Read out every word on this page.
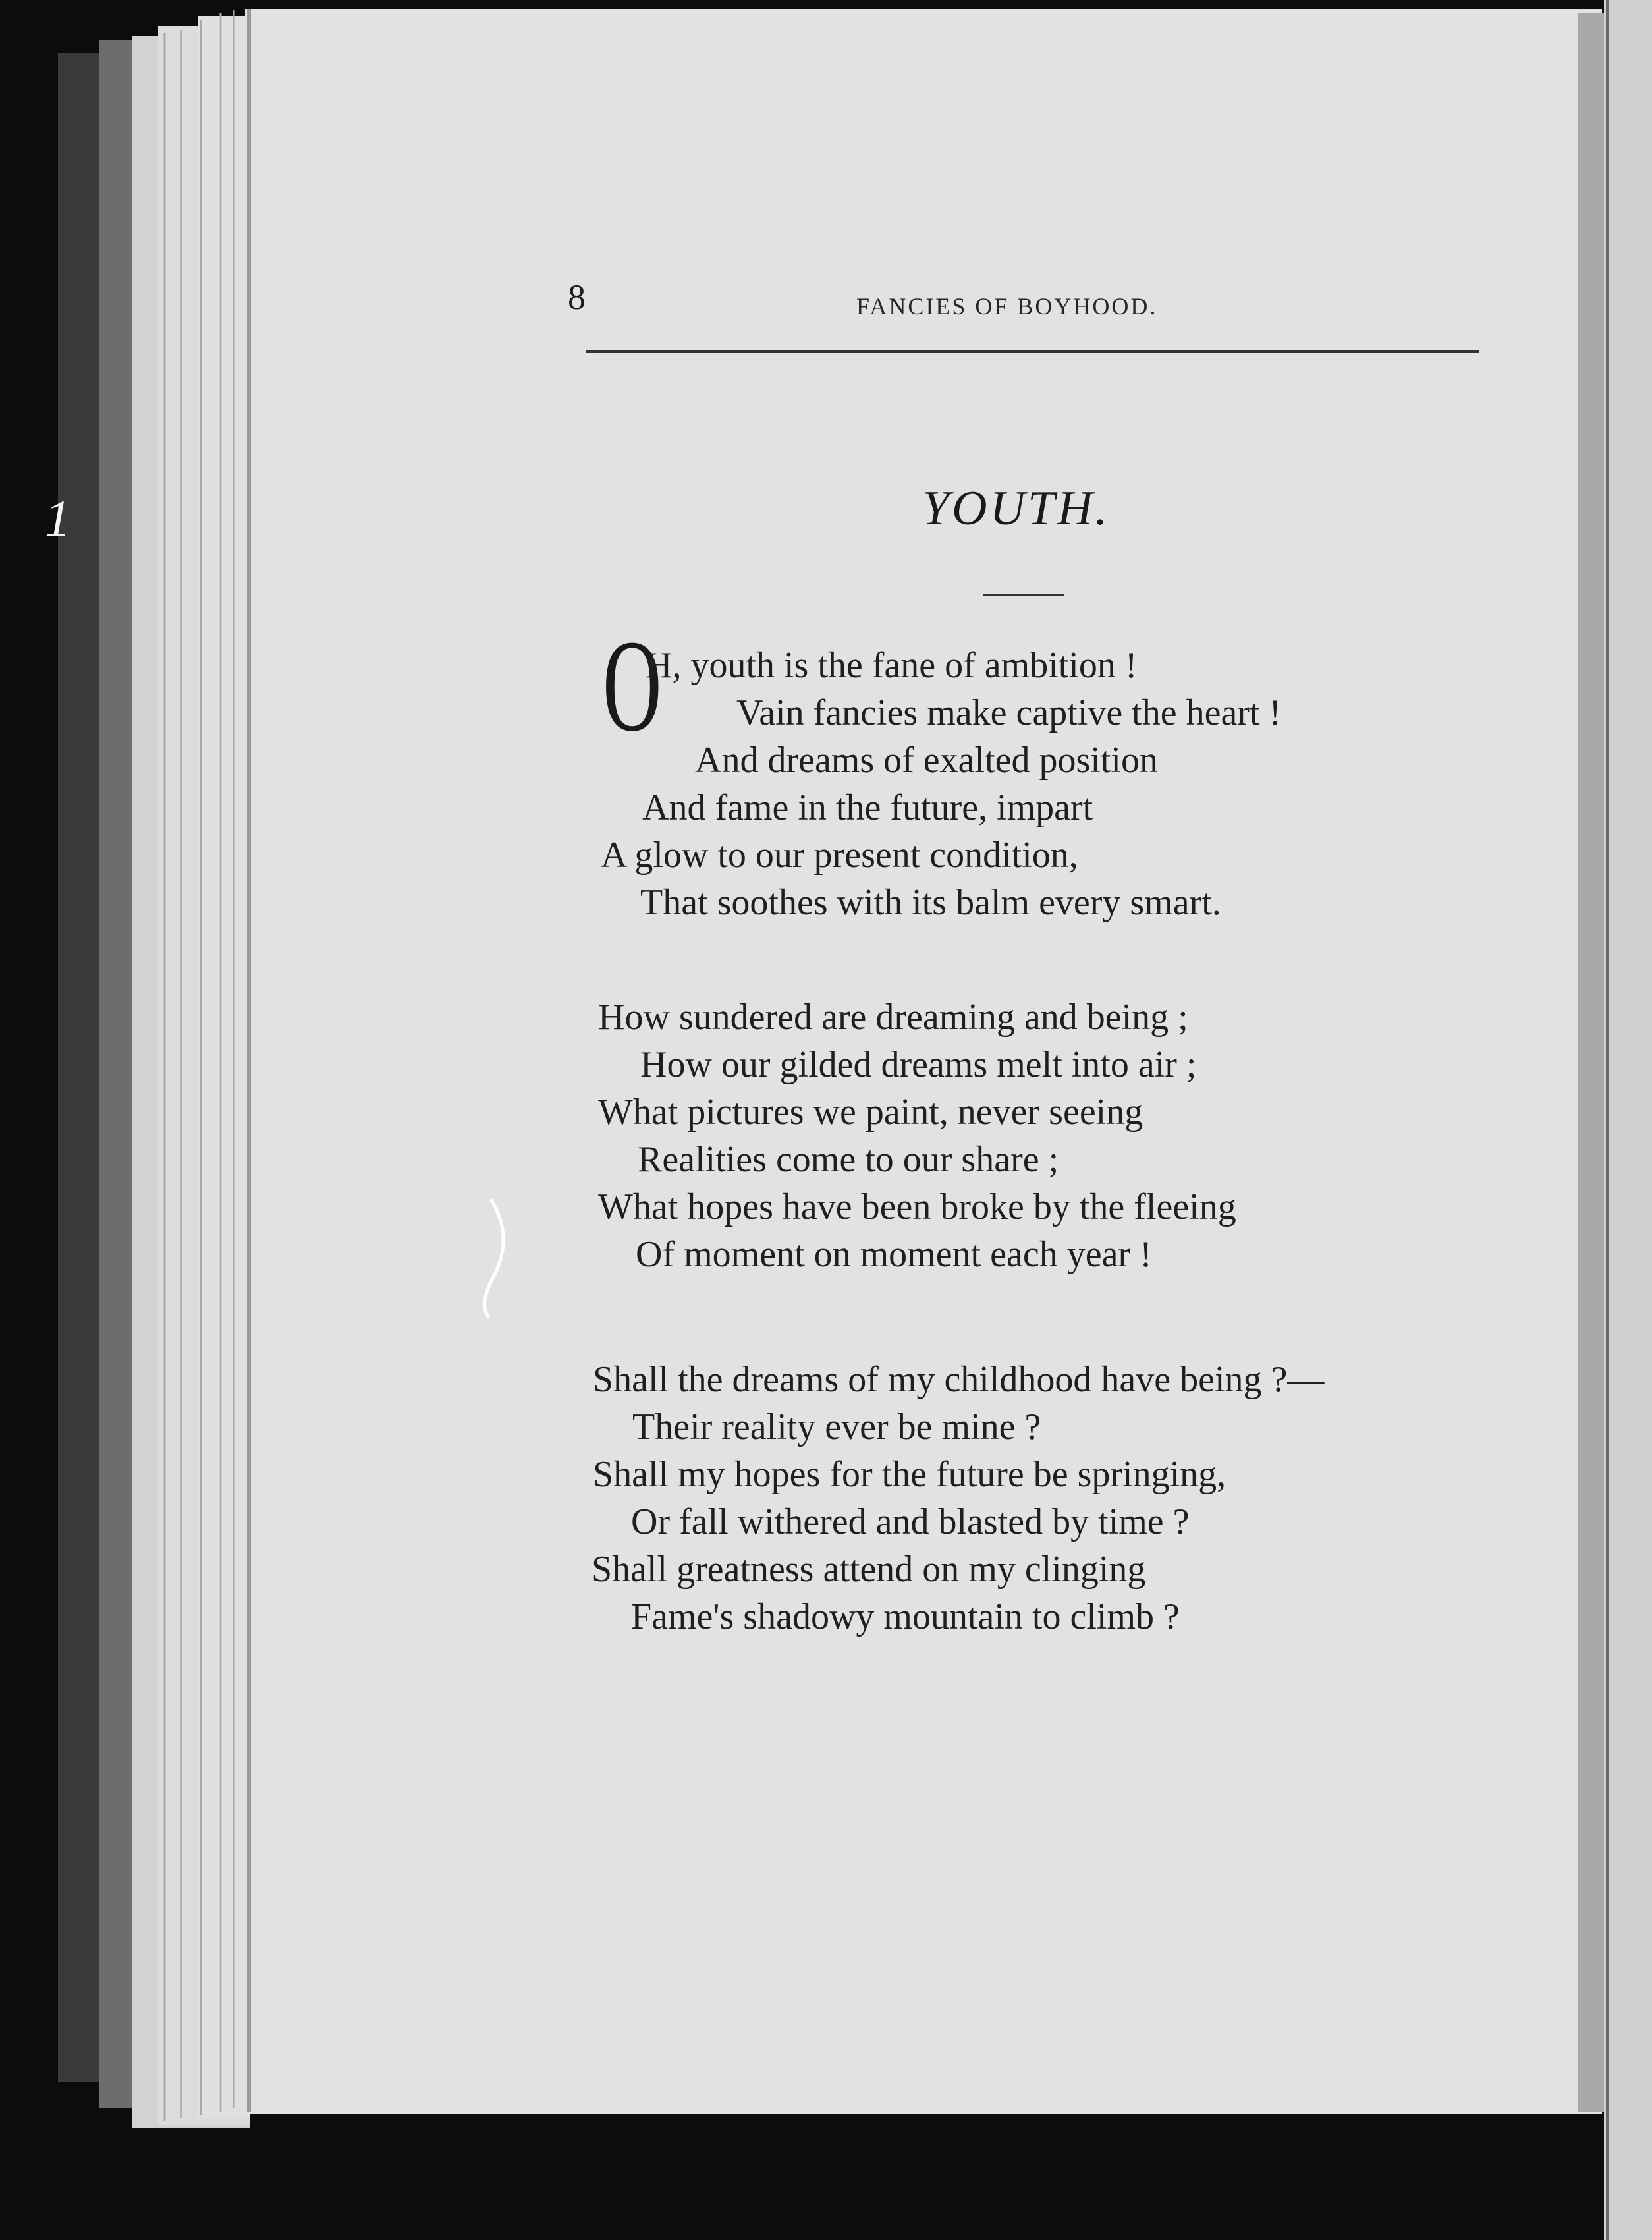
1
8	FANCIES OF BOYHOOD.
YOUTH.
O
H, youth is the fane of ambition !
Vain fancies make captive the heart !
And dreams of exalted position
And fame in the future, impart
A glow to our present condition,
That soothes with its balm every smart.
How sundered are dreaming and being ;
How our gilded dreams melt into air ;
What pictures we paint, never seeing
Realities come to our share ;
What hopes have been broke by the fleeing
Of moment on moment each year !
Shall the dreams of my childhood have being ?—
Their reality ever be mine ?
Shall my hopes for the future be springing,
Or fall withered and blasted by time ?
Shall greatness attend on my clinging
Fame's shadowy mountain to climb ?
